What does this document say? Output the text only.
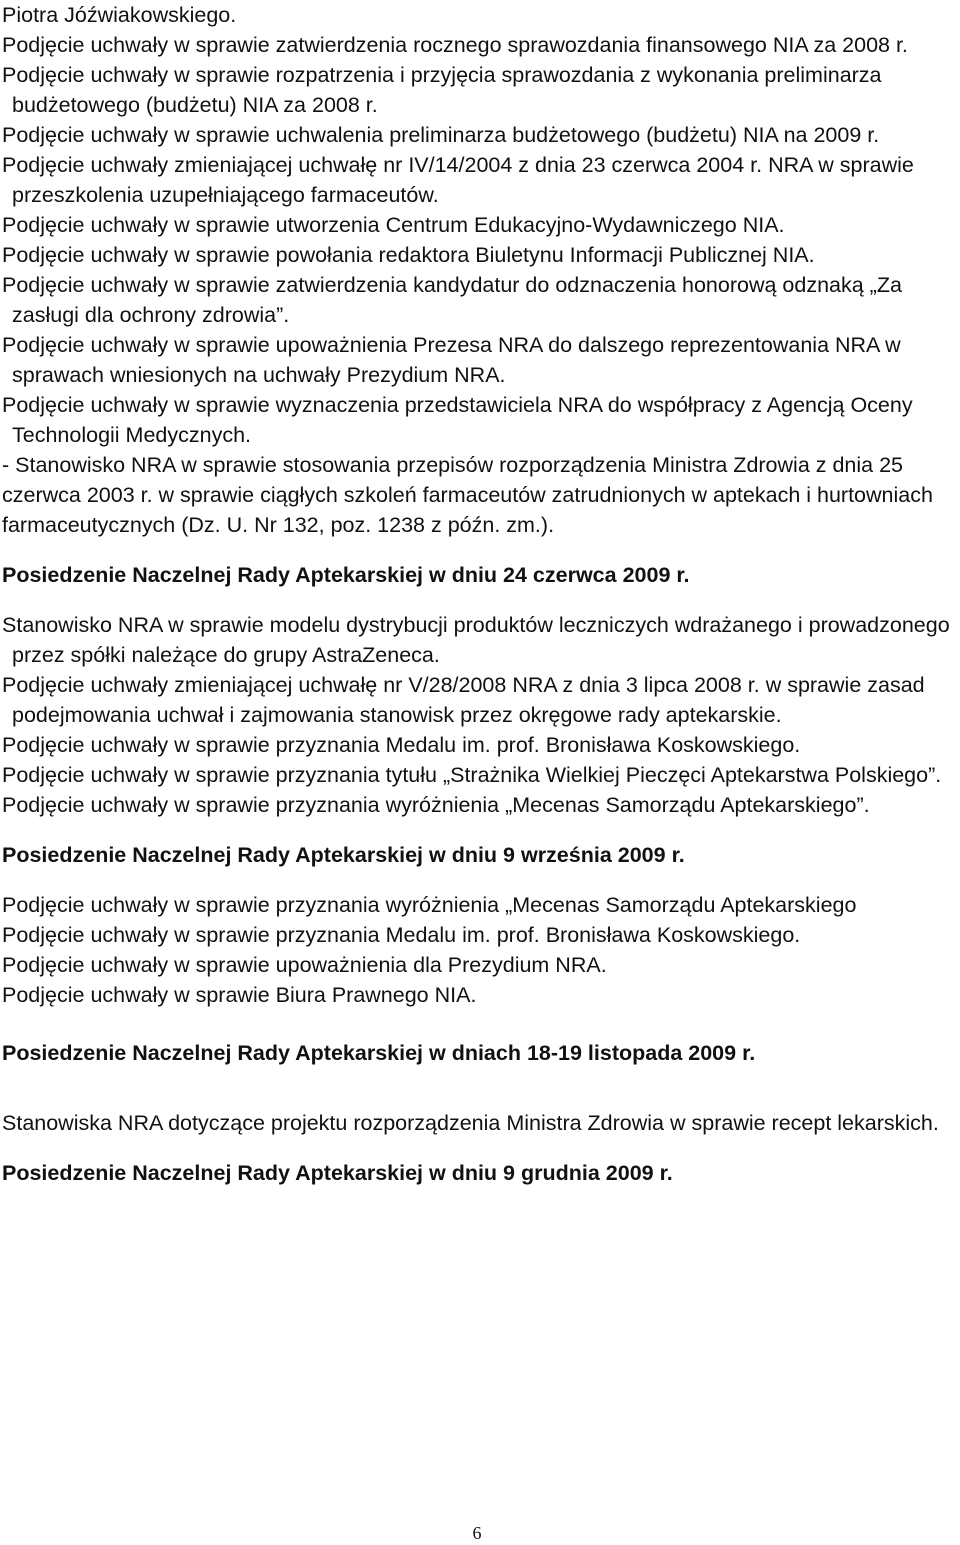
Piotra Jóźwiakowskiego.

Podjęcie uchwały w sprawie zatwierdzenia rocznego sprawozdania finansowego NIA za 2008 r.

Podjęcie uchwały w sprawie rozpatrzenia i przyjęcia sprawozdania z wykonania preliminarza budżetowego (budżetu) NIA za 2008 r.

Podjęcie uchwały w sprawie uchwalenia preliminarza budżetowego (budżetu) NIA na 2009 r.

Podjęcie uchwały zmieniającej uchwałę nr IV/14/2004 z dnia 23 czerwca 2004 r. NRA w sprawie przeszkolenia uzupełniającego farmaceutów.

Podjęcie uchwały w sprawie utworzenia Centrum Edukacyjno-Wydawniczego NIA.

Podjęcie uchwały w sprawie powołania redaktora Biuletynu Informacji Publicznej NIA.

Podjęcie uchwały w sprawie zatwierdzenia kandydatur do odznaczenia honorową odznaką „Za zasługi dla ochrony zdrowia”.

Podjęcie uchwały w sprawie upoważnienia Prezesa NRA do dalszego reprezentowania NRA w sprawach wniesionych na uchwały Prezydium NRA.

Podjęcie uchwały w sprawie wyznaczenia przedstawiciela NRA do współpracy z Agencją Oceny Technologii Medycznych.

- Stanowisko NRA w sprawie stosowania przepisów rozporządzenia Ministra Zdrowia z dnia 25 czerwca 2003 r. w sprawie ciągłych szkoleń farmaceutów zatrudnionych w aptekach i hurtowniach farmaceutycznych (Dz. U. Nr 132, poz. 1238 z późn. zm.).

Posiedzenie Naczelnej Rady Aptekarskiej w dniu 24 czerwca 2009 r.

Stanowisko NRA w sprawie modelu dystrybucji produktów leczniczych wdrażanego i prowadzonego przez spółki należące do grupy AstraZeneca.

Podjęcie uchwały zmieniającej uchwałę nr V/28/2008 NRA z dnia 3 lipca 2008 r. w sprawie zasad podejmowania uchwał i zajmowania stanowisk przez okręgowe rady aptekarskie.

Podjęcie uchwały w sprawie przyznania Medalu im. prof. Bronisława Koskowskiego.

Podjęcie uchwały w sprawie przyznania tytułu „Strażnika Wielkiej Pieczęci Aptekarstwa Polskiego”.

Podjęcie uchwały w sprawie przyznania wyróżnienia „Mecenas Samorządu Aptekarskiego”.

Posiedzenie Naczelnej Rady Aptekarskiej w dniu 9 września 2009 r.

Podjęcie uchwały w sprawie przyznania wyróżnienia „Mecenas Samorządu Aptekarskiego

Podjęcie uchwały w sprawie przyznania Medalu im. prof. Bronisława Koskowskiego.

Podjęcie uchwały w sprawie upoważnienia dla Prezydium NRA.

Podjęcie uchwały w sprawie Biura Prawnego NIA.

Posiedzenie Naczelnej Rady Aptekarskiej w dniach 18-19 listopada 2009 r.

Stanowiska NRA dotyczące projektu rozporządzenia Ministra Zdrowia w sprawie recept lekarskich.

Posiedzenie Naczelnej Rady Aptekarskiej w dniu 9 grudnia 2009 r.

6
